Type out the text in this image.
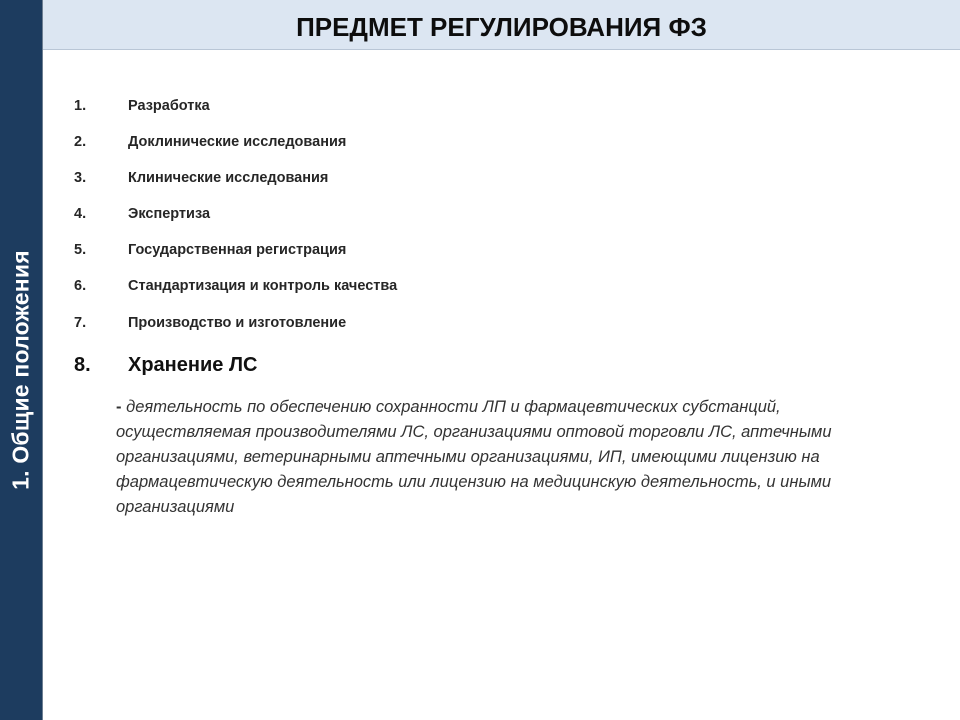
1. Общие положения
ПРЕДМЕТ РЕГУЛИРОВАНИЯ ФЗ
1.	Разработка
2.	Доклинические исследования
3.	Клинические исследования
4.	Экспертиза
5.	Государственная регистрация
6.	Стандартизация и контроль качества
7.	Производство и изготовление
8. Хранение ЛС

- деятельность по обеспечению сохранности ЛП и фармацевтических субстанций, осуществляемая производителями ЛС, организациями оптовой торговли ЛС, аптечными организациями, ветеринарными аптечными организациями, ИП, имеющими лицензию на фармацевтическую деятельность или лицензию на медицинскую деятельность, и иными организациями
